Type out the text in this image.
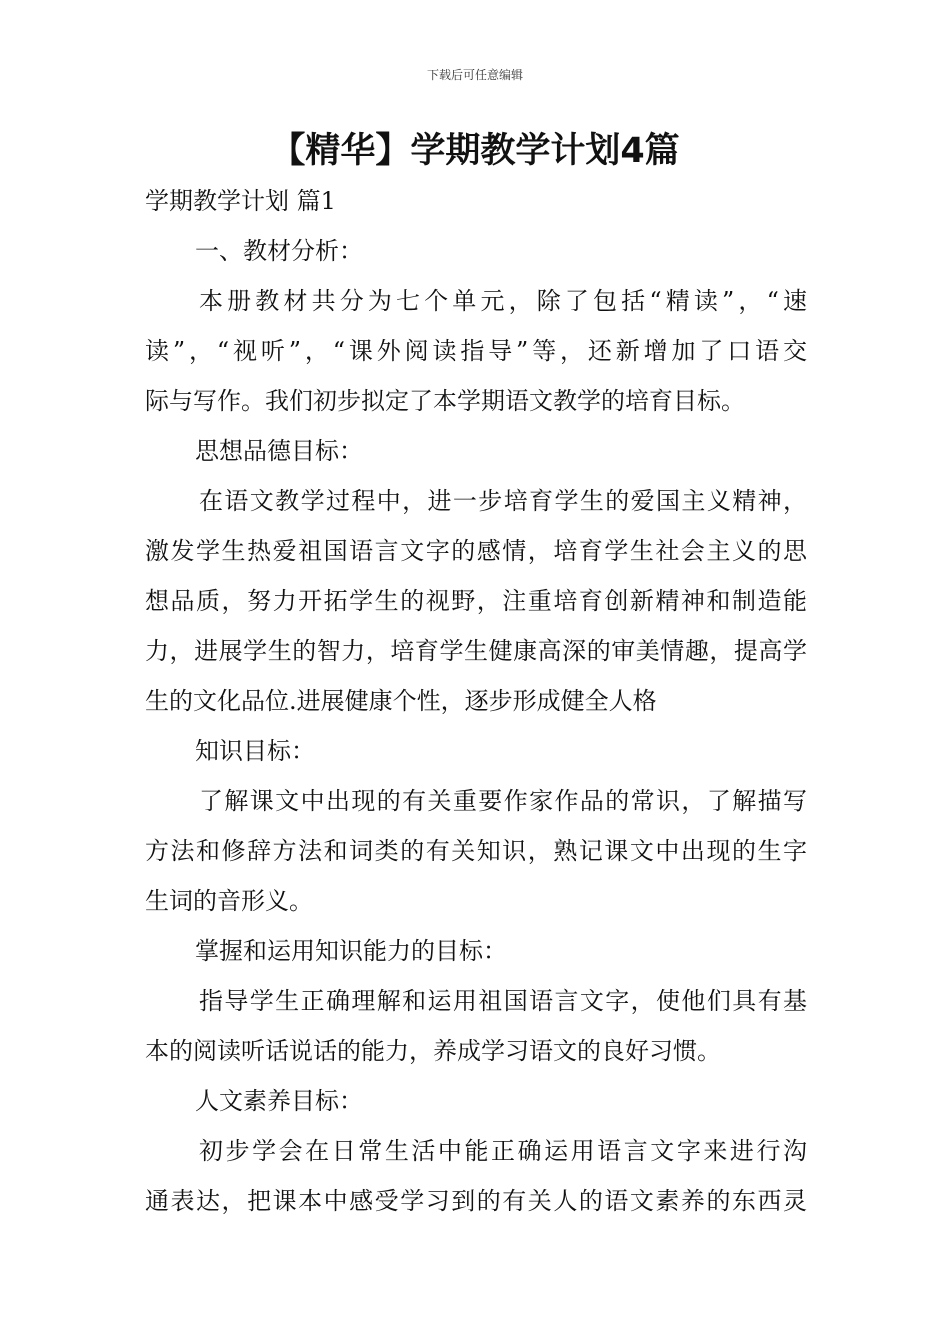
下载后可任意编辑
【精华】学期教学计划4篇
学期教学计划 篇1
一、教材分析：
本册教材共分为七个单元，除了包括“精读”，“速
读”，“视听”，“课外阅读指导”等，还新增加了口语交
际与写作。我们初步拟定了本学期语文教学的培育目标。
思想品德目标：
在语文教学过程中，进一步培育学生的爱国主义精神，
激发学生热爱祖国语言文字的感情，培育学生社会主义的思
想品质，努力开拓学生的视野，注重培育创新精神和制造能
力，进展学生的智力，培育学生健康高深的审美情趣，提高学
生的文化品位.进展健康个性，逐步形成健全人格
知识目标：
了解课文中出现的有关重要作家作品的常识，了解描写
方法和修辞方法和词类的有关知识，熟记课文中出现的生字
生词的音形义。
掌握和运用知识能力的目标：
指导学生正确理解和运用祖国语言文字，使他们具有基
本的阅读听话说话的能力，养成学习语文的良好习惯。
人文素养目标：
初步学会在日常生活中能正确运用语言文字来进行沟
通表达，把课本中感受学习到的有关人的语文素养的东西灵
